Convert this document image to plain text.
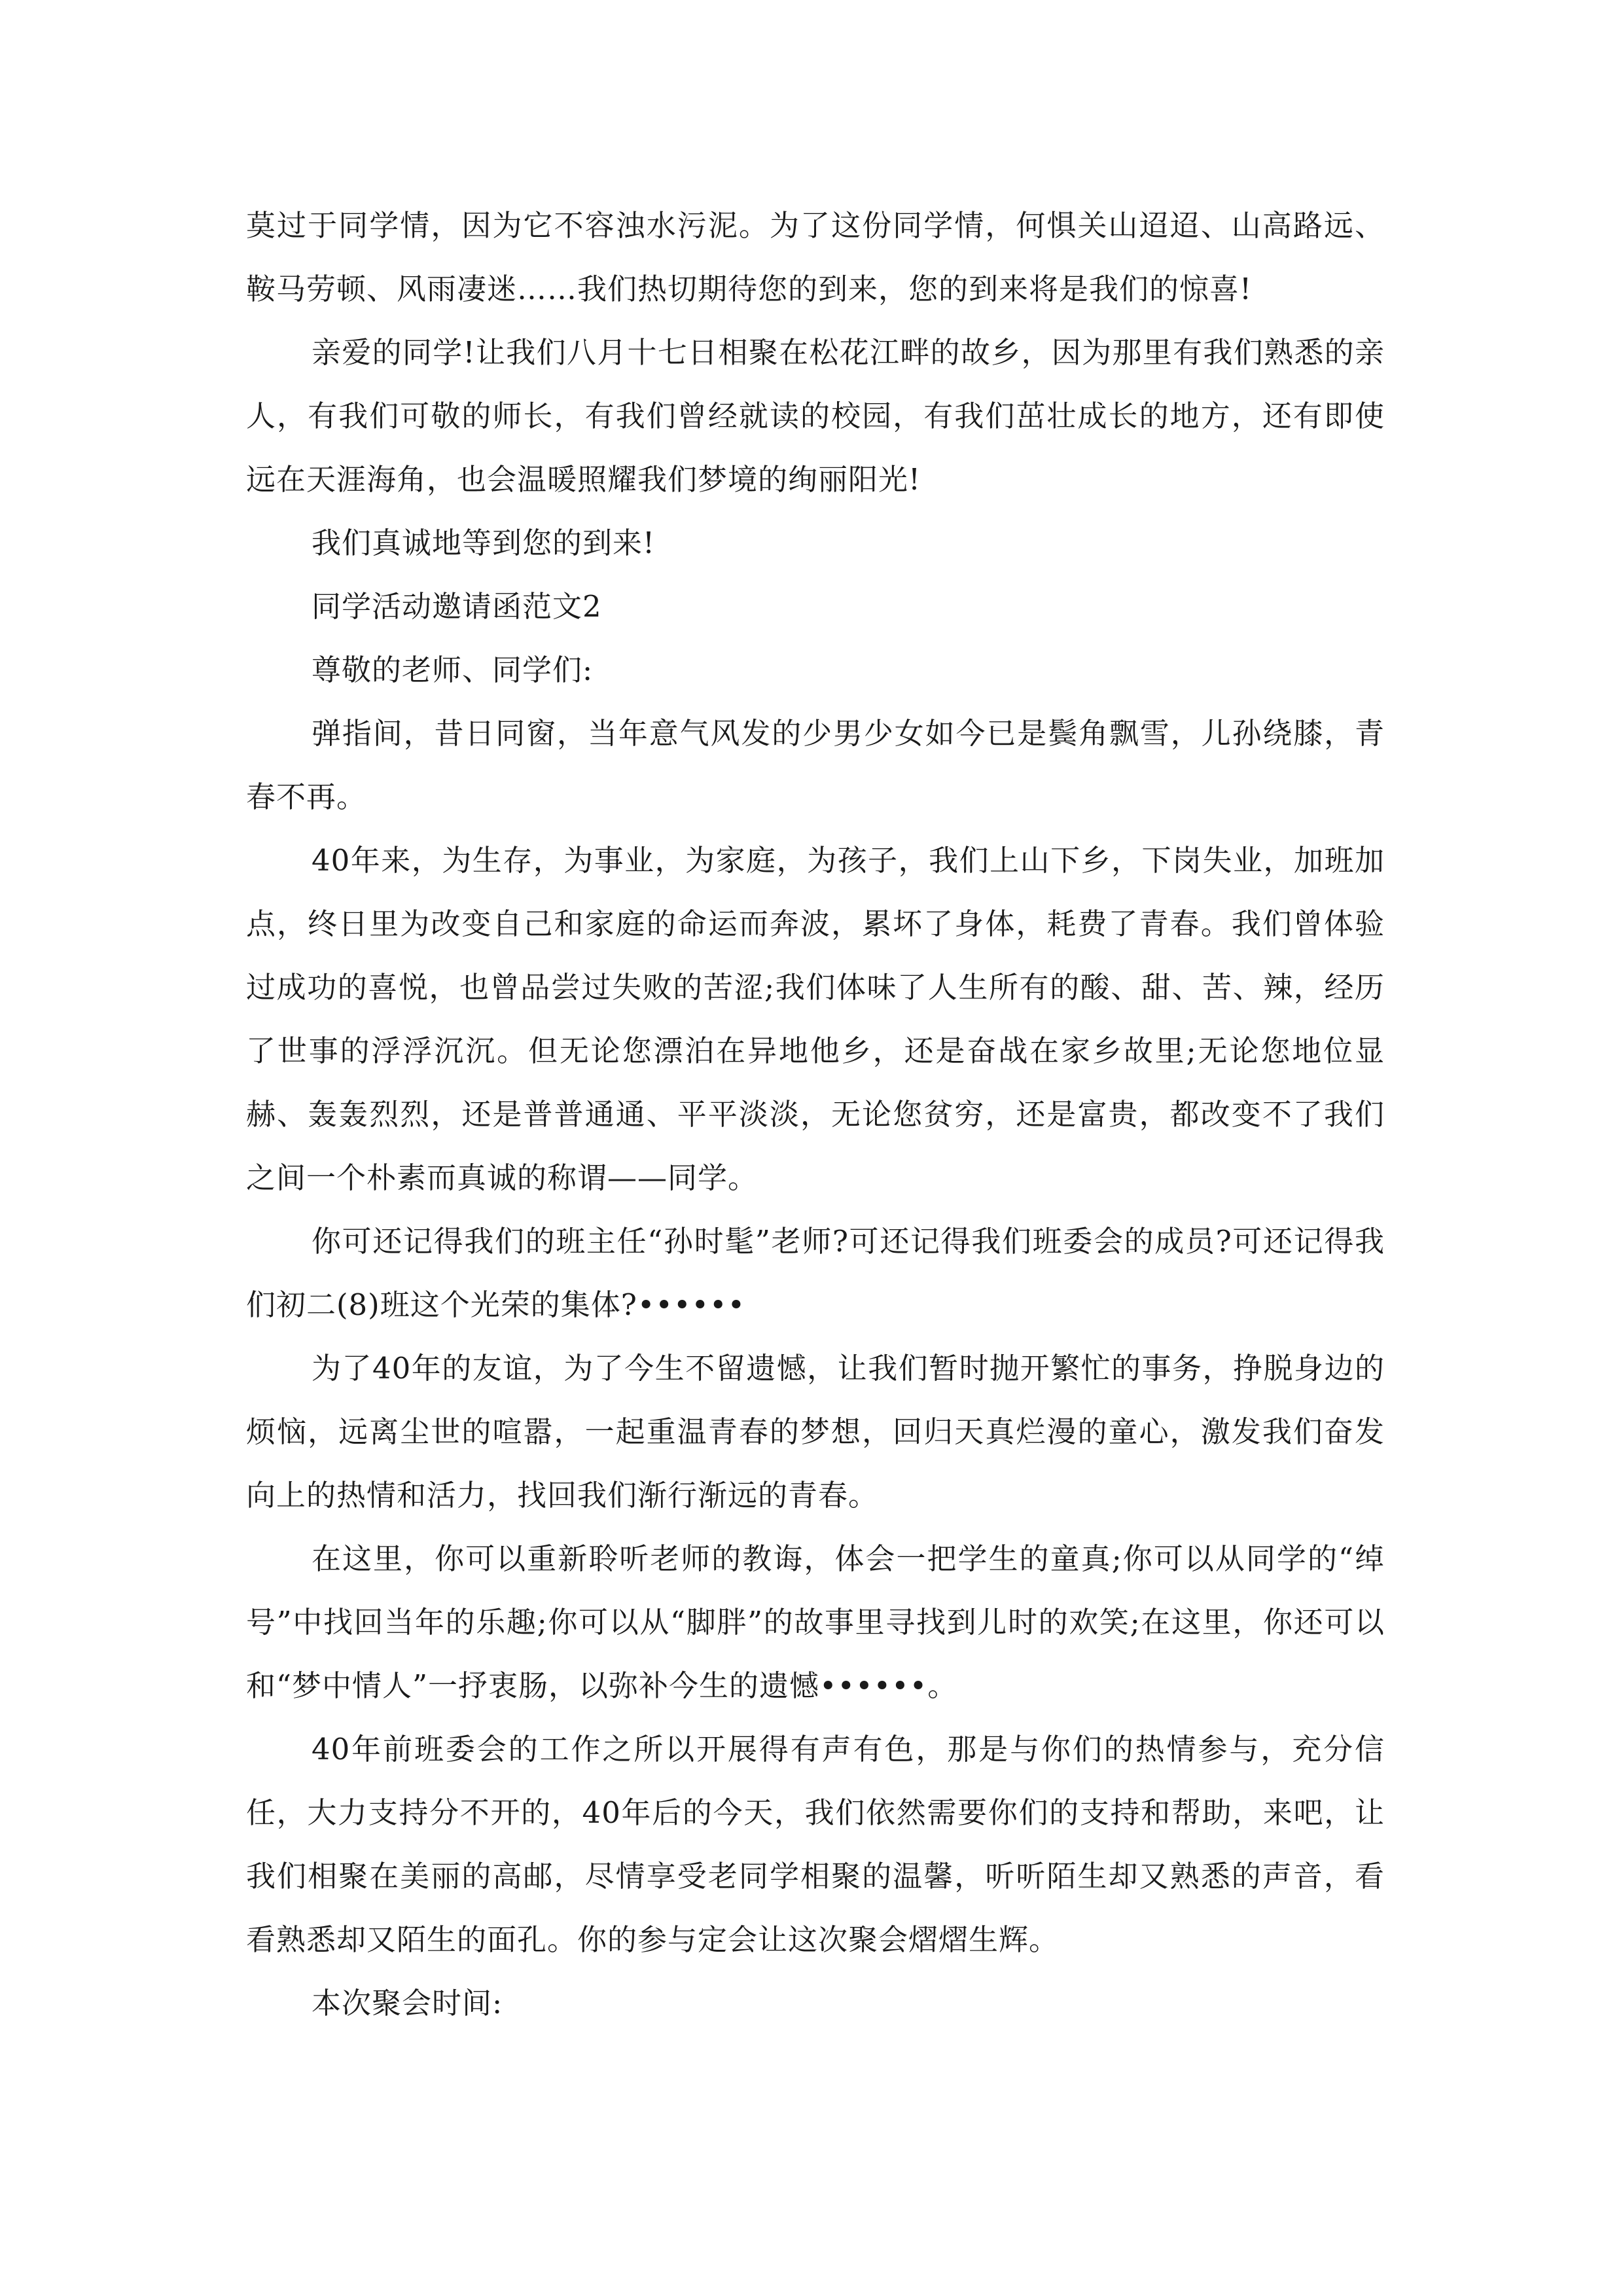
莫过于同学情，因为它不容浊水污泥。为了这份同学情，何惧关山迢迢、山高路远、鞍马劳顿、风雨凄迷……我们热切期待您的到来，您的到来将是我们的惊喜!

亲爱的同学!让我们八月十七日相聚在松花江畔的故乡，因为那里有我们熟悉的亲人，有我们可敬的师长，有我们曾经就读的校园，有我们茁壮成长的地方，还有即使远在天涯海角，也会温暖照耀我们梦境的绚丽阳光!

我们真诚地等到您的到来!

同学活动邀请函范文2

尊敬的老师、同学们:

弹指间，昔日同窗，当年意气风发的少男少女如今已是鬓角飘雪，儿孙绕膝，青春不再。

40年来，为生存，为事业，为家庭，为孩子，我们上山下乡，下岗失业，加班加点，终日里为改变自己和家庭的命运而奔波，累坏了身体，耗费了青春。我们曾体验过成功的喜悦，也曾品尝过失败的苦涩;我们体味了人生所有的酸、甜、苦、辣，经历了世事的浮浮沉沉。但无论您漂泊在异地他乡，还是奋战在家乡故里;无论您地位显赫、轰轰烈烈，还是普普通通、平平淡淡，无论您贫穷，还是富贵，都改变不了我们之间一个朴素而真诚的称谓——同学。

你可还记得我们的班主任“孙时髦”老师?可还记得我们班委会的成员?可还记得我们初二(8)班这个光荣的集体?••••••

为了40年的友谊，为了今生不留遗憾，让我们暂时抛开繁忙的事务，挣脱身边的烦恼，远离尘世的喧嚣，一起重温青春的梦想，回归天真烂漫的童心，激发我们奋发向上的热情和活力，找回我们渐行渐远的青春。

在这里，你可以重新聆听老师的教诲，体会一把学生的童真;你可以从同学的“绰号”中找回当年的乐趣;你可以从“脚胖”的故事里寻找到儿时的欢笑;在这里，你还可以和“梦中情人”一抒衷肠，以弥补今生的遗憾••••••。

40年前班委会的工作之所以开展得有声有色，那是与你们的热情参与，充分信任，大力支持分不开的，40年后的今天，我们依然需要你们的支持和帮助，来吧，让我们相聚在美丽的高邮，尽情享受老同学相聚的温馨，听听陌生却又熟悉的声音，看看熟悉却又陌生的面孔。你的参与定会让这次聚会熠熠生辉。

本次聚会时间:
